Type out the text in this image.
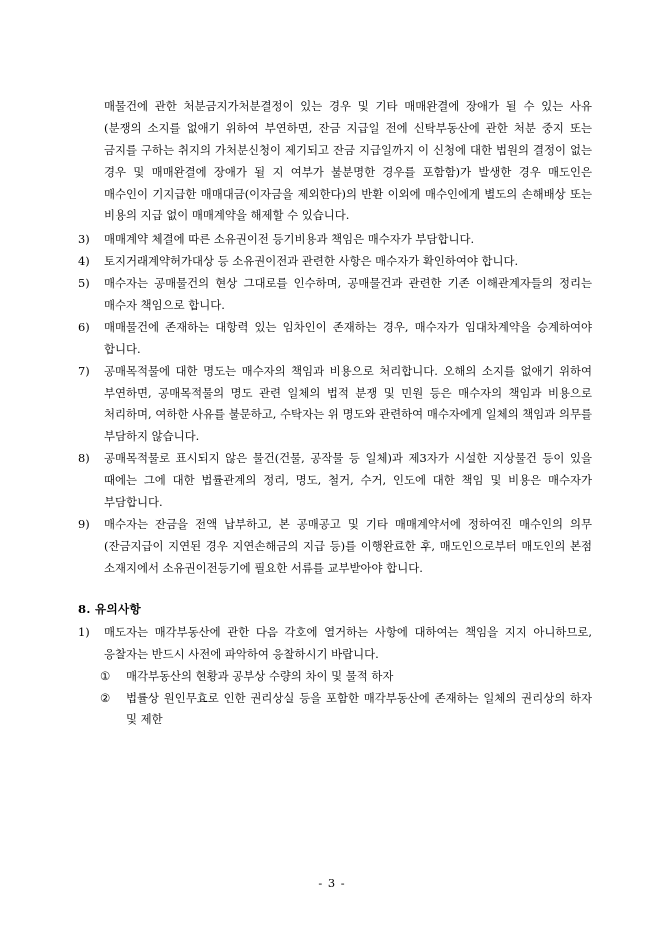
매물건에 관한 처분금지가처분결정이 있는 경우 및 기타 매매완결에 장애가 될 수 있는 사유(분쟁의 소지를 없애기 위하여 부연하면, 잔금 지급일 전에 신탁부동산에 관한 처분 중지 또는 금지를 구하는 취지의 가처분신청이 제기되고 잔금 지급일까지 이 신청에 대한 법원의 결정이 없는 경우 및 매매완결에 장애가 될 지 여부가 불분명한 경우를 포함함)가 발생한 경우 매도인은 매수인이 기지급한 매매대금(이자금을 제외한다)의 반환 이외에 매수인에게 별도의 손해배상 또는 비용의 지급 없이 매매계약을 해제할 수 있습니다.

3)	매매계약 체결에 따른 소유권이전 등기비용과 책임은 매수자가 부담합니다.
4)	토지거래계약허가대상 등 소유권이전과 관련한 사항은 매수자가 확인하여야 합니다.
5)	매수자는 공매물건의 현상 그대로를 인수하며, 공매물건과 관련한 기존 이해관계자들의 정리는 매수자 책임으로 합니다.
6)	매매물건에 존재하는 대항력 있는 임차인이 존재하는 경우, 매수자가 임대차계약을 승계하여야 합니다.
7)	공매목적물에 대한 명도는 매수자의 책임과 비용으로 처리합니다. 오해의 소지를 없애기 위하여 부연하면, 공매목적물의 명도 관련 일체의 법적 분쟁 및 민원 등은 매수자의 책임과 비용으로 처리하며, 여하한 사유를 불문하고, 수탁자는 위 명도와 관련하여 매수자에게 일체의 책임과 의무를 부담하지 않습니다.
8)	공매목적물로 표시되지 않은 물건(건물, 공작물 등 일체)과 제3자가 시설한 지상물건 등이 있을 때에는 그에 대한 법률관계의 정리, 명도, 철거, 수거, 인도에 대한 책임 및 비용은 매수자가 부담합니다.
9)	매수자는 잔금을 전액 납부하고, 본 공매공고 및 기타 매매계약서에 정하여진 매수인의 의무(잔금지급이 지연된 경우 지연손해금의 지급 등)를 이행완료한 후, 매도인으로부터 매도인의 본점 소재지에서 소유권이전등기에 필요한 서류를 교부받아야 합니다.
8. 유의사항
1)	매도자는 매각부동산에 관한 다음 각호에 열거하는 사항에 대하여는 책임을 지지 아니하므로, 응찰자는 반드시 사전에 파악하여 응찰하시기 바랍니다.
①	매각부동산의 현황과 공부상 수량의 차이 및 물적 하자
②	법률상 원인무효로 인한 권리상실 등을 포함한 매각부동산에 존재하는 일체의 권리상의 하자 및 제한
- 3 -
